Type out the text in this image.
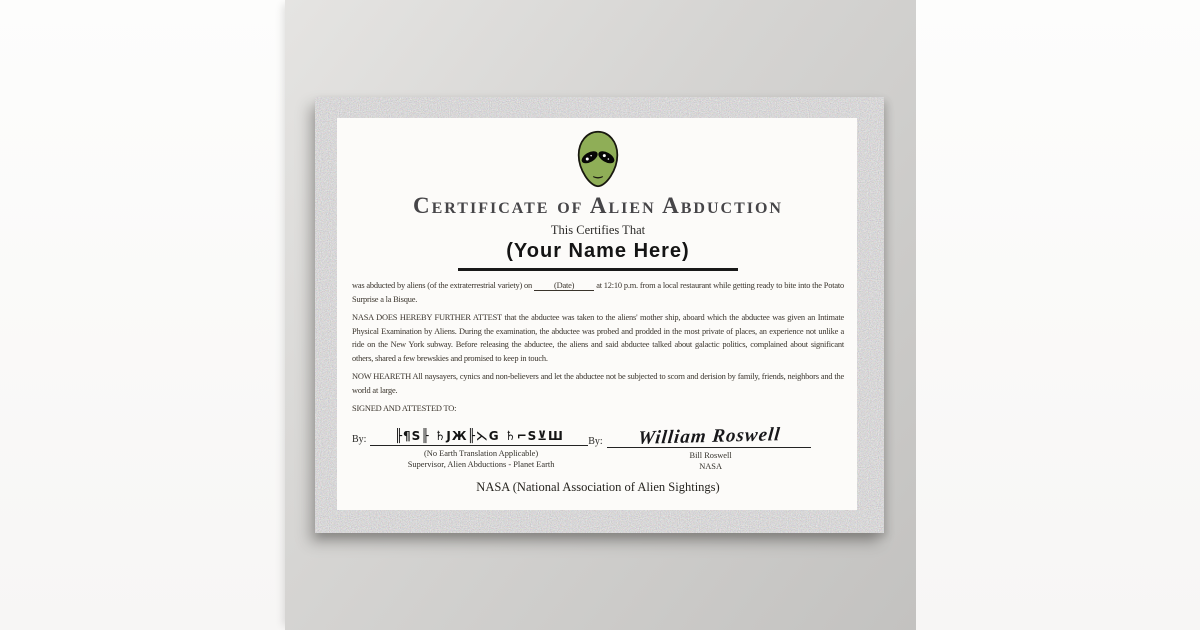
Certificate of Alien Abduction
This Certifies That
(Your Name Here)

was abducted by aliens (of the extraterrestrial variety) on	(Date)	at 12:10 p.m. from a local restaurant while getting ready to bite into the Potato Surprise a la Bisque.

NASA DOES HEREBY FURTHER ATTEST that the abductee was taken to the aliens' mother ship, aboard which the abductee was given an Intimate Physical Examination by Aliens. During the examination, the abductee was probed and prodded in the most private of places, an experience not unlike a ride on the New York subway. Before releasing the abductee, the aliens and said abductee talked about galactic politics, complained about significant others, shared a few brewskies and promised to keep in touch.

NOW HEARETH All naysayers, cynics and non-believers and let the abductee not be subjected to scorn and derision by family, friends, neighbors and the world at large.

SIGNED AND ATTESTED TO:

By:	╟¶S╟ ♄JЖ╟⋋G ♄⌐S⊻Ш
(No Earth Translation Applicable)
Supervisor, Alien Abductions - Planet Earth
By:	William Roswell
Bill Roswell
NASA
NASA (National Association of Alien Sightings)
